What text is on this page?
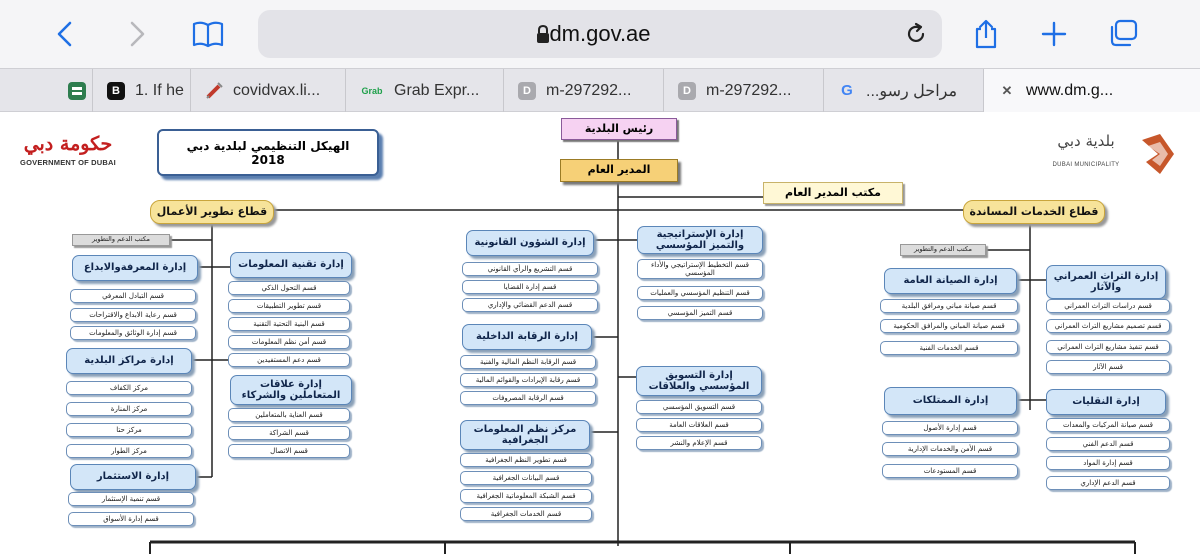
dm.gov.ae
B 1. If he	covidvax.li...	Grab Grab Expr...	D m-297292...	D m-297292...	G مراحل رسو...	✕ www.dm.g...
حكومة دبي
GOVERNMENT OF DUBAI
الهيكل التنظيمي لبلدية دبي
2018
بلدية دبي
DUBAI MUNICIPALITY
رئيس البلدية
المدير العام
مكتب المدير العام
قطاع تطوير الأعمال	قطاع الخدمات المساندة
مكتب الدعم والتطوير
مكتب الدعم والتطوير
إدارة المعرفةوالابداع
قسم التبادل المعرفي
قسم رعاية الابداع والاقتراحات
قسم إدارة الوثائق والمعلومات
إدارة تقنية المعلومات
قسم التحول الذكي
قسم تطوير التطبيقات
قسم البنية التحتية التقنية
قسم أمن نظم المعلومات
قسم دعم المستفيدين
إدارة مراكز البلدية
مركز الكفاف
مركز المنارة
مركز حتا
مركز الطوار
إدارة علاقات المتعاملين والشركاء
قسم العناية بالمتعاملين
قسم الشراكة
قسم الاتصال
إدارة الاستثمار
قسم تنمية الإستثمار
قسم إدارة الأسواق
إدارة الشؤون القانونية
قسم التشريع والرأي القانوني
قسم إدارة القضايا
قسم الدعم القضائي والإداري
إدارة الإستراتيجية والتميز المؤسسي
قسم التخطيط الإستراتيجي والأداء المؤسسي
قسم التنظيم المؤسسي والعمليات
قسم التميز المؤسسي
إدارة الرقابة الداخلية
قسم الرقابة النظم المالية والفنية
قسم رقابة الإيرادات والقوائم المالية
قسم الرقابة المصروفات
إدارة التسويق المؤسسي والعلاقات
قسم التسويق المؤسسي
قسم العلاقات العامة
قسم الإعلام والنشر
مركز نظم المعلومات الجغرافية
قسم تطوير النظم الجغرافية
قسم البيانات الجغرافية
قسم الشبكة المعلوماتية الجغرافية
قسم الخدمات الجغرافية
إدارة الصيانة العامة
قسم صيانة مباني ومرافق البلدية
قسم صيانة المباني والمرافق الحكومية
قسم الخدمات الفنية
إدارة التراث العمراني والآثار
قسم دراسات التراث العمراني
قسم تصميم مشاريع التراث العمراني
قسم تنفيذ مشاريع التراث العمراني
قسم الآثار
إدارة الممتلكات
قسم إدارة الأصول
قسم الأمن والخدمات الإدارية
قسم المستودعات
إدارة النقليات
قسم صيانة المركبات والمعدات
قسم الدعم الفني
قسم إدارة المواد
قسم الدعم الإداري
